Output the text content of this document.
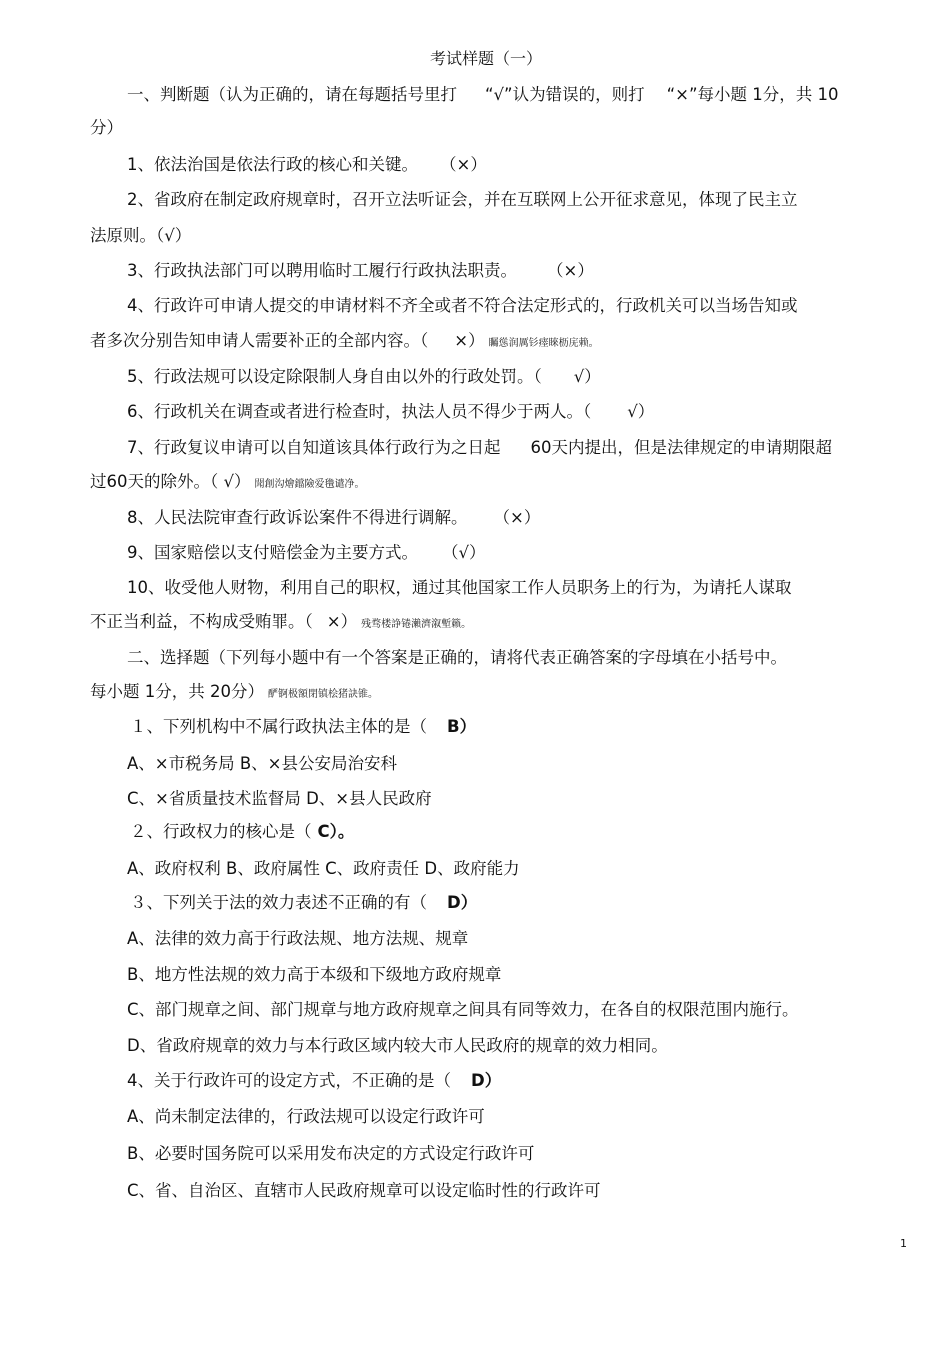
考试样题（一）
一、判断题（认为正确的，请在每题括号里打 “√”认为错误的，则打 “×”每小题 1分，共 10
分）
1、依法治国是依法行政的核心和关键。 （×）
2、省政府在制定政府规章时，召开立法听证会，并在互联网上公开征求意见，体现了民主立
法原则。（√）
3、行政执法部门可以聘用临时工履行行政执法职责。 （×）
4、行政许可申请人提交的申请材料不齐全或者不符合法定形式的，行政机关可以当场告知或
者多次分别告知申请人需要补正的全部内容。（ ×） 矚慫润厲钐瘗睞枥庑赖。
5、行政法规可以设定除限制人身自由以外的行政处罚。（ √）
6、行政机关在调查或者进行检查时，执法人员不得少于两人。（ √）
7、行政复议申请可以自知道该具体行政行为之日起 60天内提出，但是法律规定的申请期限超
过60天的除外。（ √） 聞創沟燴鐺險爱氇谴净。
8、人民法院审查行政诉讼案件不得进行调解。 （×）
9、国家赔偿以支付赔偿金为主要方式。 （√）
10、收受他人财物，利用自己的职权，通过其他国家工作人员职务上的行为，为请托人谋取
不正当利益，不构成受贿罪。（ ×） 残骛楼諍锩瀨濟溆塹籟。
二、选择题（下列每小题中有一个答案是正确的，请将代表正确答案的字母填在小括号中。
每小题 1分，共 20分） 酽锕极額閉镇桧猪訣锥。
１、下列机构中不属行政执法主体的是（ B）
A、×市税务局 B、×县公安局治安科
C、×省质量技术监督局 D、×县人民政府
２、行政权力的核心是（ C）。
A、政府权利 B、政府属性 C、政府责任 D、政府能力
３、下列关于法的效力表述不正确的有（ D）
A、法律的效力高于行政法规、地方法规、规章
B、地方性法规的效力高于本级和下级地方政府规章
C、部门规章之间、部门规章与地方政府规章之间具有同等效力，在各自的权限范围内施行。
D、省政府规章的效力与本行政区域内较大市人民政府的规章的效力相同。
4、关于行政许可的设定方式，不正确的是（ D）
A、尚未制定法律的，行政法规可以设定行政许可
B、必要时国务院可以采用发布决定的方式设定行政许可
C、省、自治区、直辖市人民政府规章可以设定临时性的行政许可
1
